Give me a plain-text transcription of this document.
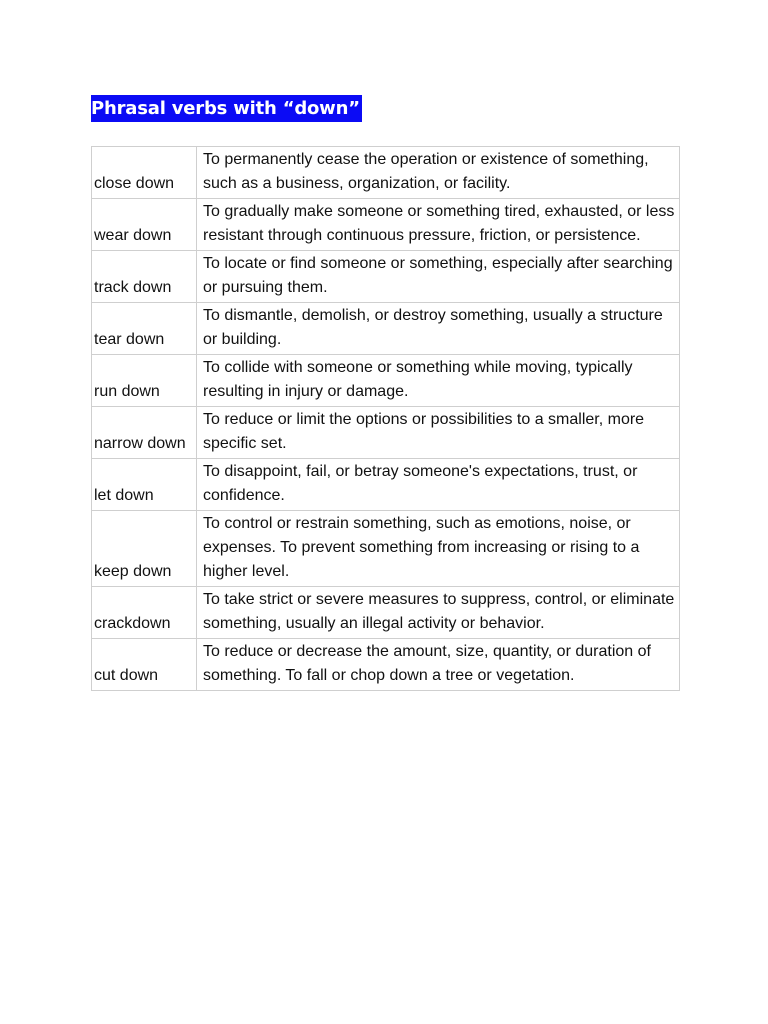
Phrasal verbs with “down”
close down	To permanently cease the operation or existence of something, such as a business, organization, or facility.
wear down	To gradually make someone or something tired, exhausted, or less resistant through continuous pressure, friction, or persistence.
track down	To locate or find someone or something, especially after searching or pursuing them.
tear down	To dismantle, demolish, or destroy something, usually a structure or building.
run down	To collide with someone or something while moving, typically resulting in injury or damage.
narrow down	To reduce or limit the options or possibilities to a smaller, more specific set.
let down	To disappoint, fail, or betray someone's expectations, trust, or confidence.
keep down	To control or restrain something, such as emotions, noise, or expenses. To prevent something from increasing or rising to a higher level.
crackdown	To take strict or severe measures to suppress, control, or eliminate something, usually an illegal activity or behavior.
cut down	To reduce or decrease the amount, size, quantity, or duration of something. To fall or chop down a tree or vegetation.
